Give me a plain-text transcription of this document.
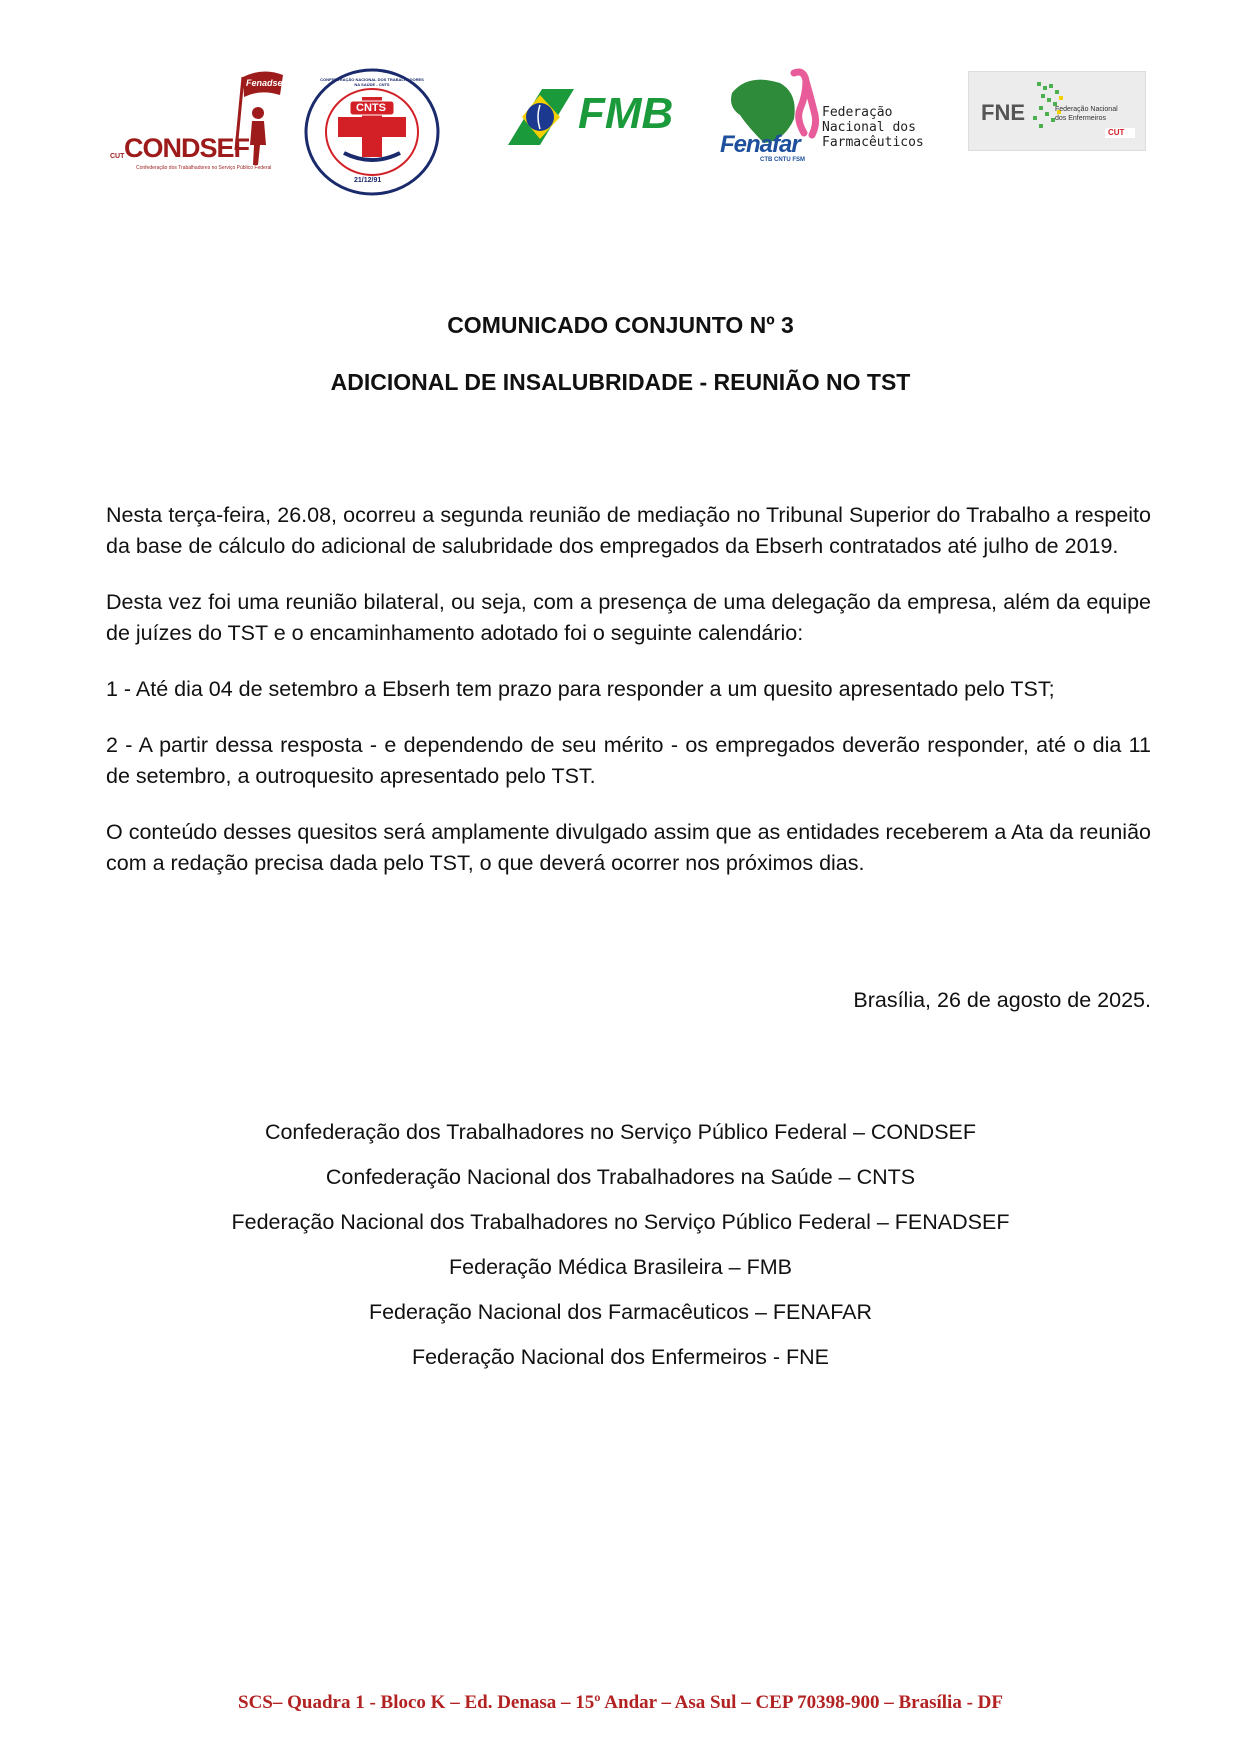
Fenadsef
CUT CONDSEF
Confederação dos Trabalhadores no Serviço Público Federal
CNTS
CONFEDERAÇÃO NACIONAL DOS TRABALHADORES NA SAÚDE - CNTS
21/12/91
FMB
Fenafar
Federação
Nacional dos
Farmacêuticos
CTB CNTU FSM
FNE	Federação Nacional
dos Enfermeiros
CUT
COMUNICADO CONJUNTO Nº 3
ADICIONAL DE INSALUBRIDADE - REUNIÃO NO TST

Nesta terça-feira, 26.08, ocorreu a segunda reunião de mediação no Tribunal Superior do Trabalho a respeito da base de cálculo do adicional de salubridade dos empregados da Ebserh contratados até julho de 2019.

Desta vez foi uma reunião bilateral, ou seja, com a presença de uma delegação da empresa, além da equipe de juízes do TST e o encaminhamento adotado foi o seguinte calendário:

1 - Até dia 04 de setembro a Ebserh tem prazo para responder a um quesito apresentado pelo TST;

2 - A partir dessa resposta - e dependendo de seu mérito - os empregados deverão responder, até o dia 11 de setembro, a outroquesito apresentado pelo TST.

O conteúdo desses quesitos será amplamente divulgado assim que as entidades receberem a Ata da reunião com a redação precisa dada pelo TST, o que deverá ocorrer nos próximos dias.

Brasília, 26 de agosto de 2025.
Confederação dos Trabalhadores no Serviço Público Federal – CONDSEF
Confederação Nacional dos Trabalhadores na Saúde – CNTS
Federação Nacional dos Trabalhadores no Serviço Público Federal – FENADSEF
Federação Médica Brasileira – FMB
Federação Nacional dos Farmacêuticos – FENAFAR
Federação Nacional dos Enfermeiros - FNE
SCS– Quadra 1 - Bloco K – Ed. Denasa – 15º Andar – Asa Sul – CEP 70398-900 – Brasília - DF
